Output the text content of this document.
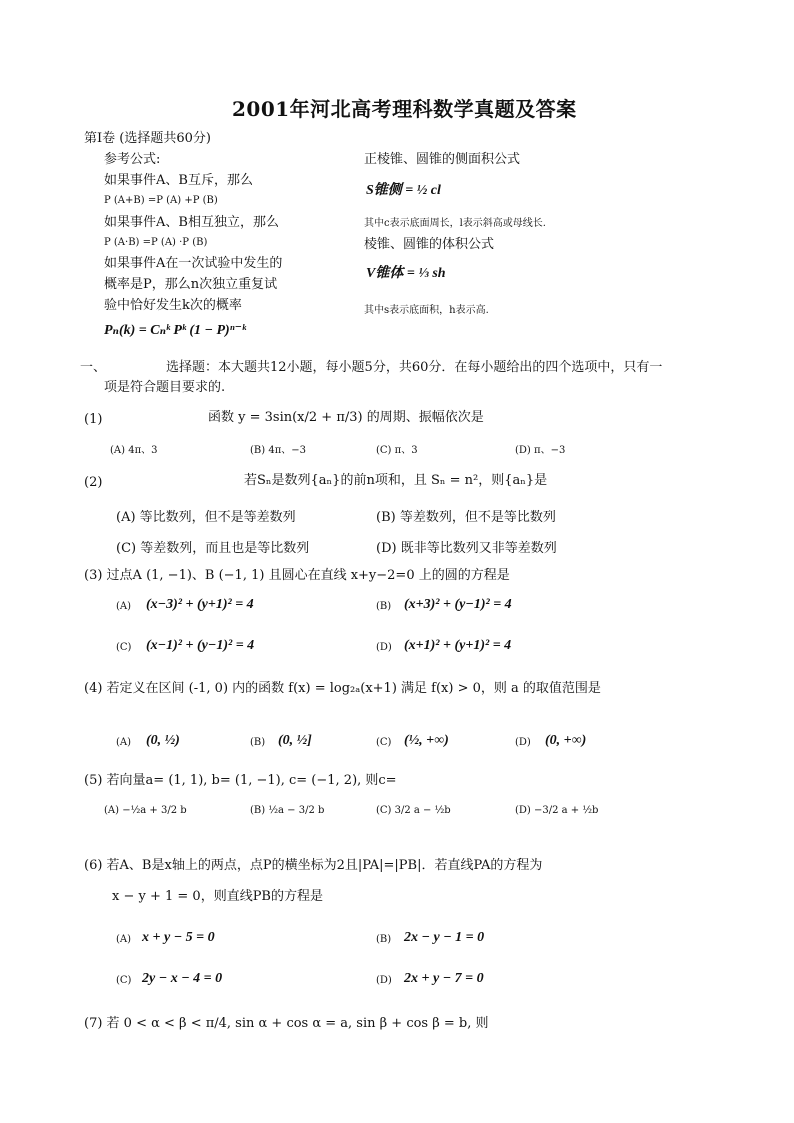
2001年河北高考理科数学真题及答案
第Ⅰ卷 (选择题共60分)
参考公式:
如果事件A、B互斥，那么
P (A+B) =P (A) +P (B)
如果事件A、B相互独立，那么
P (A·B) =P (A) ·P (B)
如果事件A在一次试验中发生的
概率是P，那么n次独立重复试
验中恰好发生k次的概率
Pₙ(k) = Cₙᵏ Pᵏ (1 − P)ⁿ⁻ᵏ
正棱锥、圆锥的侧面积公式
S锥侧 = ½ cl
其中c表示底面周长，l表示斜高或母线长.
棱锥、圆锥的体积公式
V锥体 = ⅓ sh
其中s表示底面积，h表示高.
一、	选择题：本大题共12小题，每小题5分，共60分．在每小题给出的四个选项中，只有一
项是符合题目要求的.
(1)	函数 y = 3sin(x/2 + π/3) 的周期、振幅依次是
(A) 4π、3	(B) 4π、−3	(C) π、3	(D) π、−3
(2)	若Sₙ是数列{aₙ}的前n项和，且 Sₙ = n²，则{aₙ}是
(A) 等比数列，但不是等差数列	(B) 等差数列，但不是等比数列
(C) 等差数列，而且也是等比数列	(D) 既非等比数列又非等差数列
(3) 过点A (1, −1)、B (−1, 1) 且圆心在直线 x+y−2=0 上的圆的方程是
(A) (x−3)² + (y+1)² = 4	(B) (x+3)² + (y−1)² = 4
(C) (x−1)² + (y−1)² = 4	(D) (x+1)² + (y+1)² = 4
(4) 若定义在区间 (-1, 0) 内的函数 f(x) = log₂ₐ(x+1) 满足 f(x) > 0，则 a 的取值范围是
(A) (0, ½)	(B) (0, ½]	(C) (½, +∞)	(D) (0, +∞)
(5) 若向量a= (1, 1), b= (1, −1), c= (−1, 2), 则c=
(A) −½a + 3/2 b	(B) ½a − 3/2 b	(C) 3/2 a − ½b	(D) −3/2 a + ½b
(6) 若A、B是x轴上的两点，点P的横坐标为2且|PA|=|PB|．若直线PA的方程为
x − y + 1 = 0，则直线PB的方程是
(A) x + y − 5 = 0	(B) 2x − y − 1 = 0
(C) 2y − x − 4 = 0	(D) 2x + y − 7 = 0
(7) 若 0 < α < β < π/4, sin α + cos α = a, sin β + cos β = b, 则
